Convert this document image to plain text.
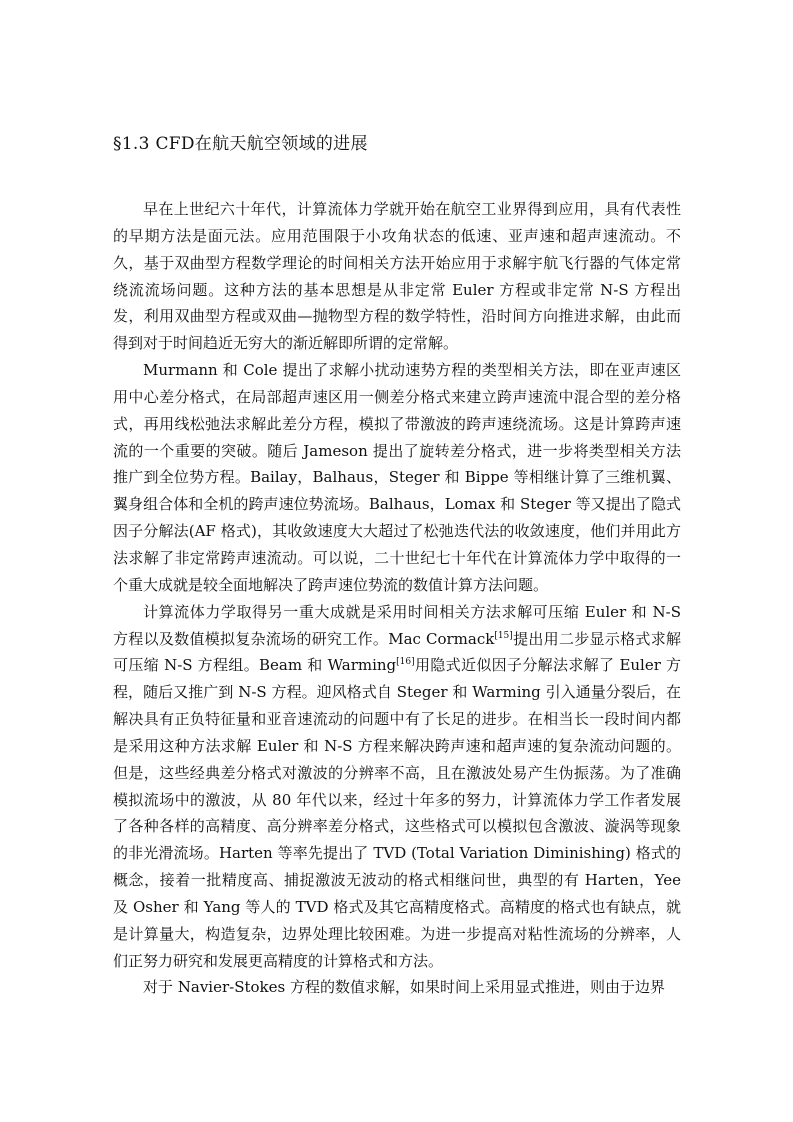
§1.3 CFD在航天航空领域的进展

早在上世纪六十年代，计算流体力学就开始在航空工业界得到应用，具有代表性的早期方法是面元法。应用范围限于小攻角状态的低速、亚声速和超声速流动。不久，基于双曲型方程数学理论的时间相关方法开始应用于求解宇航飞行器的气体定常绕流流场问题。这种方法的基本思想是从非定常 Euler 方程或非定常 N-S 方程出发，利用双曲型方程或双曲—抛物型方程的数学特性，沿时间方向推进求解，由此而得到对于时间趋近无穷大的渐近解即所谓的定常解。

Murmann 和 Cole 提出了求解小扰动速势方程的类型相关方法，即在亚声速区用中心差分格式，在局部超声速区用一侧差分格式来建立跨声速流中混合型的差分格式，再用线松弛法求解此差分方程，模拟了带激波的跨声速绕流场。这是计算跨声速流的一个重要的突破。随后 Jameson 提出了旋转差分格式，进一步将类型相关方法推广到全位势方程。Bailay，Balhaus，Steger 和 Bippe 等相继计算了三维机翼、翼身组合体和全机的跨声速位势流场。Balhaus，Lomax 和 Steger 等又提出了隐式因子分解法(AF 格式)，其收敛速度大大超过了松弛迭代法的收敛速度，他们并用此方法求解了非定常跨声速流动。可以说，二十世纪七十年代在计算流体力学中取得的一个重大成就是较全面地解决了跨声速位势流的数值计算方法问题。

计算流体力学取得另一重大成就是采用时间相关方法求解可压缩 Euler 和 N-S 方程以及数值模拟复杂流场的研究工作。Mac Cormack[15]提出用二步显示格式求解可压缩 N-S 方程组。Beam 和 Warming[16]用隐式近似因子分解法求解了 Euler 方程，随后又推广到 N-S 方程。迎风格式自 Steger 和 Warming 引入通量分裂后，在解决具有正负特征量和亚音速流动的问题中有了长足的进步。在相当长一段时间内都是采用这种方法求解 Euler 和 N-S 方程来解决跨声速和超声速的复杂流动问题的。但是，这些经典差分格式对激波的分辨率不高，且在激波处易产生伪振荡。为了准确模拟流场中的激波，从 80 年代以来，经过十年多的努力，计算流体力学工作者发展了各种各样的高精度、高分辨率差分格式，这些格式可以模拟包含激波、漩涡等现象的非光滑流场。Harten 等率先提出了 TVD (Total Variation Diminishing) 格式的概念，接着一批精度高、捕捉激波无波动的格式相继问世，典型的有 Harten，Yee 及 Osher 和 Yang 等人的 TVD 格式及其它高精度格式。高精度的格式也有缺点，就是计算量大，构造复杂，边界处理比较困难。为进一步提高对粘性流场的分辨率，人们正努力研究和发展更高精度的计算格式和方法。

对于 Navier-Stokes 方程的数值求解，如果时间上采用显式推进，则由于边界
